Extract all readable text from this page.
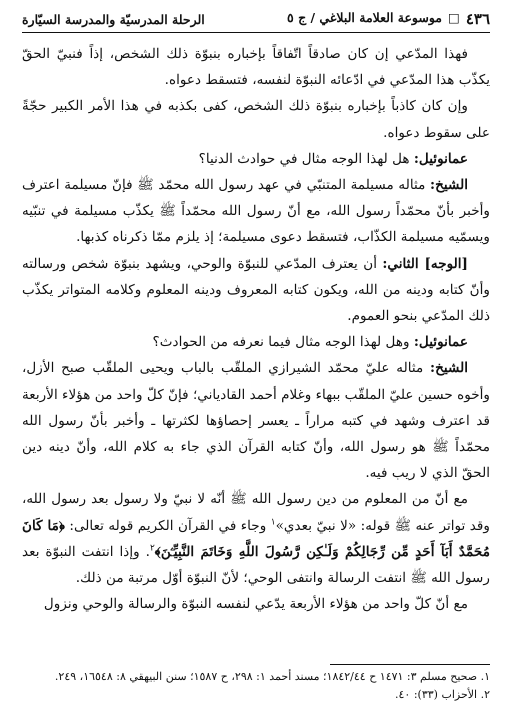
٤٣٦
□
موسوعة العلامة البلاغي / ج ٥
الرحلة المدرسيّة والمدرسة السيّارة

فهذا المدّعي إن كان صادقاً اتّفاقاً بإخباره بنبوّة ذلك الشخص، إذاً فنبيّ الحقّ يكذّب هذا المدّعي في ادّعائه النبوّة لنفسه، فتسقط دعواه.

وإن كان كاذباً بإخباره بنبوّة ذلك الشخص، كفى بكذبه في هذا الأمر الكبير حجّةً على سقوط دعواه.

عمانوئيل: هل لهذا الوجه مثال في حوادث الدنيا؟

الشيخ: مثاله مسيلمة المتنبّي في عهد رسول الله محمّد ﷺ فإنّ مسيلمة اعترف وأخبر بأنّ محمّداً رسول الله، مع أنّ رسول الله محمّداً ﷺ يكذّب مسيلمة في تنبّيه ويسمّيه مسيلمة الكذّاب، فتسقط دعوى مسيلمة؛ إذ يلزم ممّا ذكرناه كذبها.

[الوجه] الثاني: أن يعترف المدّعي للنبوّة والوحي، ويشهد بنبوّة شخص ورسالته وأنّ كتابه ودينه من الله، ويكون كتابه المعروف ودينه المعلوم وكلامه المتواتر يكذّب ذلك المدّعي بنحو العموم.

عمانوئيل: وهل لهذا الوجه مثال فيما نعرفه من الحوادث؟

الشيخ: مثاله عليّ محمّد الشيرازي الملقّب بالباب ويحيى الملقّب صبح الأزل، وأخوه حسين عليّ الملقّب ببهاء وغلام أحمد القادياني؛ فإنّ كلّ واحد من هؤلاء الأربعة قد اعترف وشهد في كتبه مراراً ـ يعسر إحصاؤها لكثرتها ـ وأخبر بأنّ رسول الله محمّداً ﷺ هو رسول الله، وأنّ كتابه القرآن الذي جاء به كلام الله، وأنّ دينه دين الحقّ الذي لا ريب فيه.

مع أنّ من المعلوم من دين رسول الله ﷺ أنّه لا نبيّ ولا رسول بعد رسول الله، وقد تواتر عنه ﷺ قوله: «لا نبيّ بعدي»$^١$ وجاء في القرآن الكريم قوله تعالى: ﴿مَا كَانَ مُحَمَّدٌ أَبَآ أَحَدٍ مِّن رِّجَالِكُمْ وَلَـٰكِن رَّسُولَ اللَّهِ وَخَاتَمَ النَّبِيِّـۧنَ﴾$^٢$. وإذا انتفت النبوّة بعد رسول الله ﷺ انتفت الرسالة وانتفى الوحي؛ لأنّ النبوّة أوّل مرتبة من ذلك.

مع أنّ كلّ واحد من هؤلاء الأربعة يدّعي لنفسه النبوّة والرسالة والوحي ونزول

١. صحيح مسلم ٣: ١٤٧١ ح ١٨٤٢/٤٤؛ مسند أحمد ١: ٢٩٨، ح ١٥٨٧؛ سنن البيهقي ٨: ١٦٥٤٨، ٢٤٩.
٢. الأحزاب (٣٣): ٤٠.
